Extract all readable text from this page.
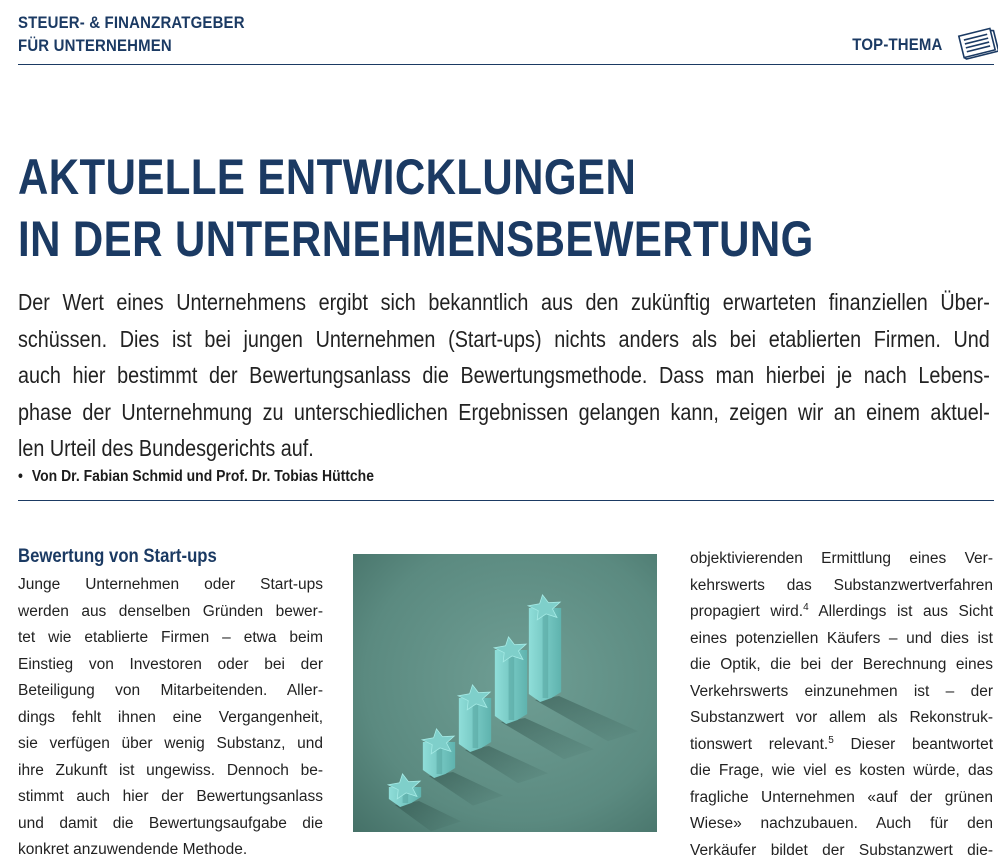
STEUER- & FINANZRATGEBER
FÜR UNTERNEHMEN	TOP-THEMA
AKTUELLE ENTWICKLUNGEN
IN DER UNTERNEHMENSBEWERTUNG
Der Wert eines Unternehmens ergibt sich bekanntlich aus den zukünftig erwarteten finanziellen Über-
schüssen. Dies ist bei jungen Unternehmen (Start-ups) nichts anders als bei etablierten Firmen. Und
auch hier bestimmt der Bewertungsanlass die Bewertungsmethode. Dass man hierbei je nach Lebens-
phase der Unternehmung zu unterschiedlichen Ergebnissen gelangen kann, zeigen wir an einem aktuel-
len Urteil des Bundesgerichts auf.
• Von Dr. Fabian Schmid und Prof. Dr. Tobias Hüttche
Bewertung von Start-ups
Junge Unternehmen oder Start-ups
werden aus denselben Gründen bewer-
tet wie etablierte Firmen – etwa beim
Einstieg von Investoren oder bei der
Beteiligung von Mitarbeitenden. Aller-
dings fehlt ihnen eine Vergangenheit,
sie verfügen über wenig Substanz, und
ihre Zukunft ist ungewiss. Dennoch be-
stimmt auch hier der Bewertungsanlass
und damit die Bewertungsaufgabe die
konkret anzuwendende Methode.
objektivierenden Ermittlung eines Ver-
kehrswerts das Substanzwertverfahren
propagiert wird.$^4$ Allerdings ist aus Sicht
eines potenziellen Käufers – und dies ist
die Optik, die bei der Berechnung eines
Verkehrswerts einzunehmen ist – der
Substanzwert vor allem als Rekonstruk-
tionswert relevant.$^5$ Dieser beantwortet
die Frage, wie viel es kosten würde, das
fragliche Unternehmen «auf der grünen
Wiese» nachzubauen. Auch für den
Verkäufer bildet der Substanzwert die-
